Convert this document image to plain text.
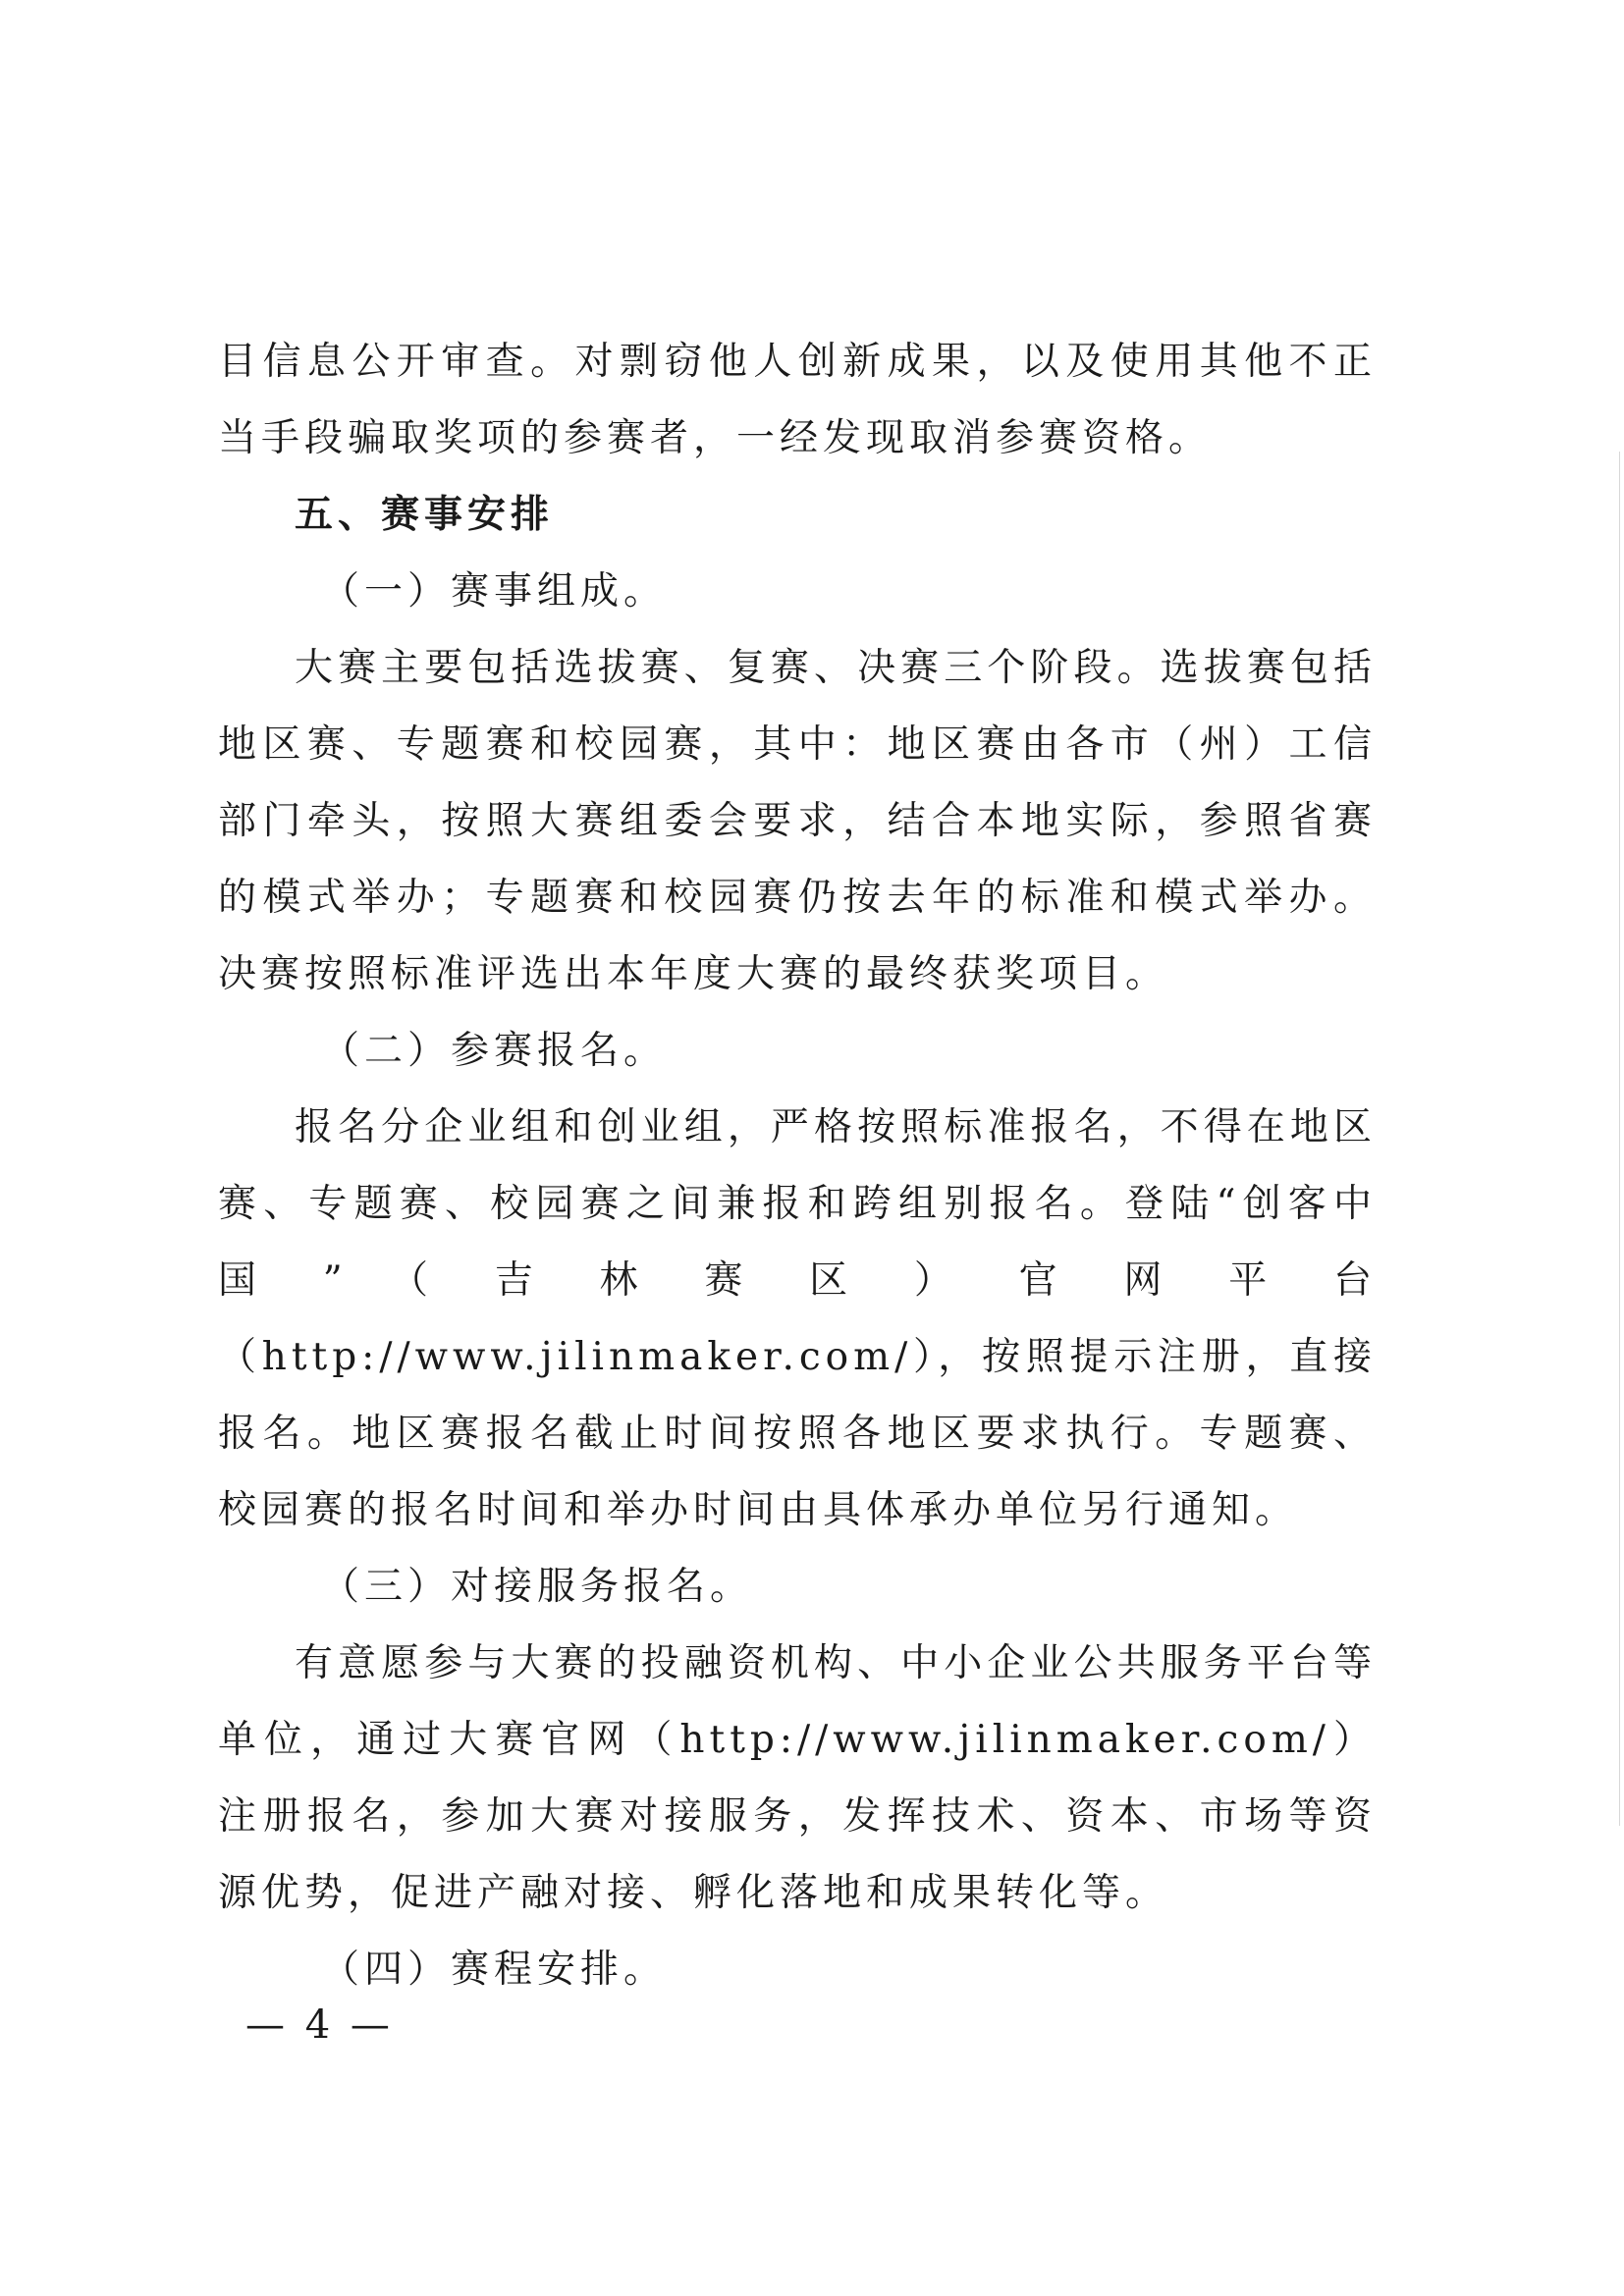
目信息公开审查。对剽窃他人创新成果，以及使用其他不正当手段骗取奖项的参赛者，一经发现取消参赛资格。

五、赛事安排

（一）赛事组成。

大赛主要包括选拔赛、复赛、决赛三个阶段。选拔赛包括地区赛、专题赛和校园赛，其中：地区赛由各市（州）工信部门牵头，按照大赛组委会要求，结合本地实际，参照省赛的模式举办；专题赛和校园赛仍按去年的标准和模式举办。决赛按照标准评选出本年度大赛的最终获奖项目。

（二）参赛报名。

报名分企业组和创业组，严格按照标准报名，不得在地区赛、专题赛、校园赛之间兼报和跨组别报名。登陆“创客中国”（吉林赛区）官网平台（http://www.jilinmaker.com/），按照提示注册，直接报名。地区赛报名截止时间按照各地区要求执行。专题赛、校园赛的报名时间和举办时间由具体承办单位另行通知。

（三）对接服务报名。

有意愿参与大赛的投融资机构、中小企业公共服务平台等单位，通过大赛官网（http://www.jilinmaker.com/）注册报名，参加大赛对接服务，发挥技术、资本、市场等资源优势，促进产融对接、孵化落地和成果转化等。

（四）赛程安排。

— 4 —
